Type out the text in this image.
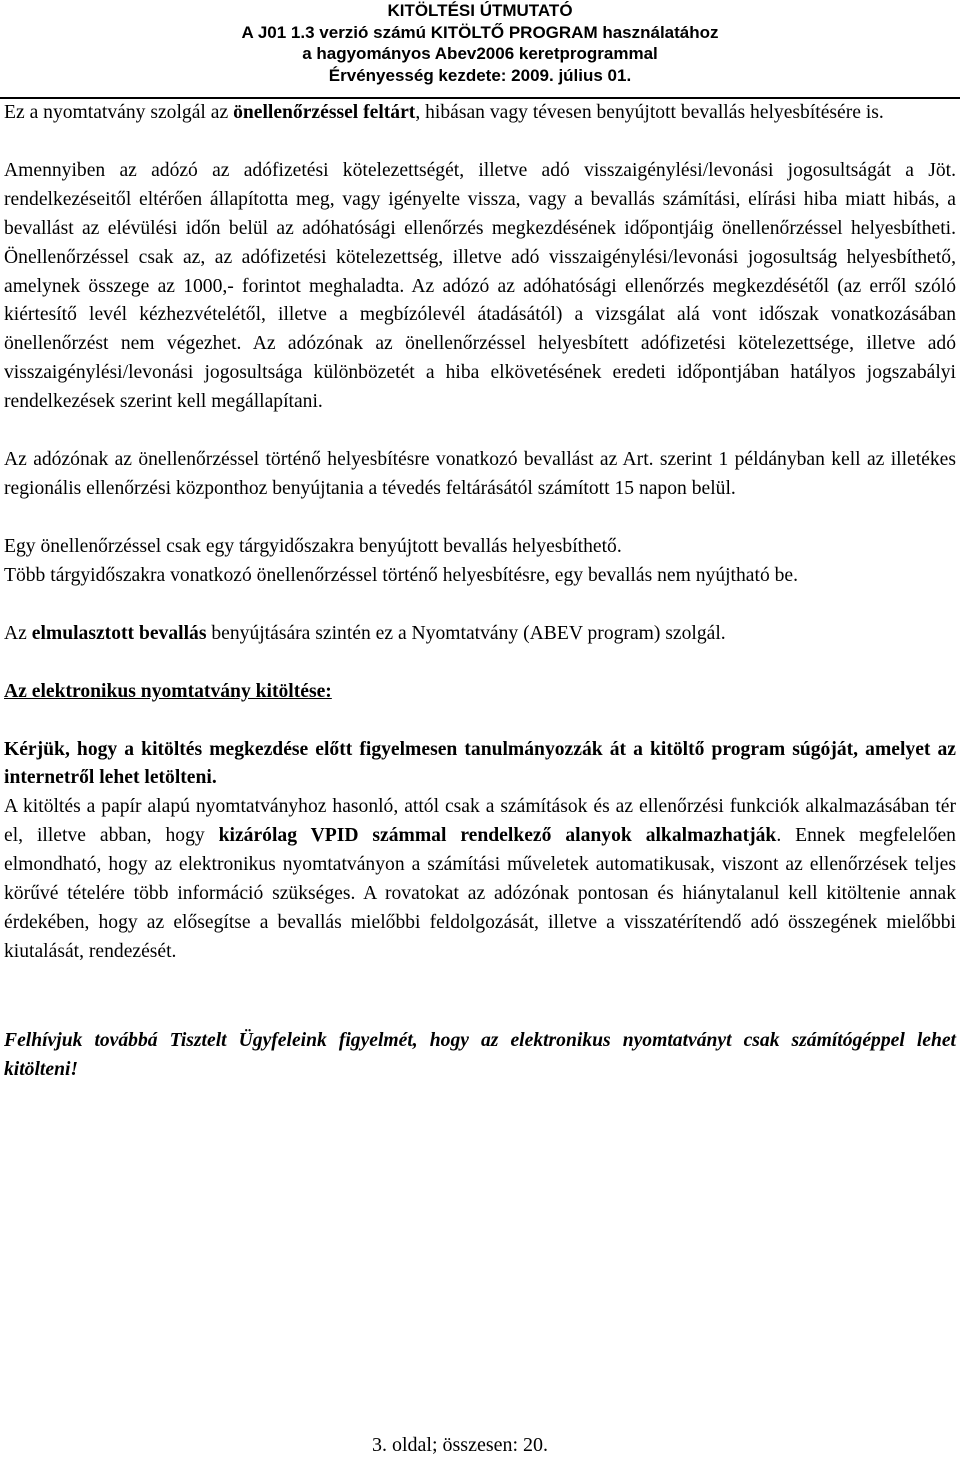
KITÖLTÉSI ÚTMUTATÓ
A J01 1.3 verzió számú KITÖLTŐ PROGRAM használatához
a hagyományos Abev2006 keretprogrammal
Érvényesség kezdete: 2009. július 01.

Ez a nyomtatvány szolgál az önellenőrzéssel feltárt, hibásan vagy tévesen benyújtott bevallás helyesbítésére is.

Amennyiben az adózó az adófizetési kötelezettségét, illetve adó visszaigénylési/levonási jogosultságát a Jöt. rendelkezéseitől eltérően állapította meg, vagy igényelte vissza, vagy a bevallás számítási, elírási hiba miatt hibás, a bevallást az elévülési időn belül az adóhatósági ellenőrzés megkezdésének időpontjáig önellenőrzéssel helyesbítheti. Önellenőrzéssel csak az, az adófizetési kötelezettség, illetve adó visszaigénylési/levonási jogosultság helyesbíthető, amelynek összege az 1000,- forintot meghaladta. Az adózó az adóhatósági ellenőrzés megkezdésétől (az erről szóló kiértesítő levél kézhezvételétől, illetve a megbízólevél átadásától) a vizsgálat alá vont időszak vonatkozásában önellenőrzést nem végezhet. Az adózónak az önellenőrzéssel helyesbített adófizetési kötelezettsége, illetve adó visszaigénylési/levonási jogosultsága különbözetét a hiba elkövetésének eredeti időpontjában hatályos jogszabályi rendelkezések szerint kell megállapítani.

Az adózónak az önellenőrzéssel történő helyesbítésre vonatkozó bevallást az Art. szerint 1 példányban kell az illetékes regionális ellenőrzési központhoz benyújtania a tévedés feltárásától számított 15 napon belül.

Egy önellenőrzéssel csak egy tárgyidőszakra benyújtott bevallás helyesbíthető.

Több tárgyidőszakra vonatkozó önellenőrzéssel történő helyesbítésre, egy bevallás nem nyújtható be.

Az elmulasztott bevallás benyújtására szintén ez a Nyomtatvány (ABEV program) szolgál.

Az elektronikus nyomtatvány kitöltése:

Kérjük, hogy a kitöltés megkezdése előtt figyelmesen tanulmányozzák át a kitöltő program súgóját, amelyet az internetről lehet letölteni.

A kitöltés a papír alapú nyomtatványhoz hasonló, attól csak a számítások és az ellenőrzési funkciók alkalmazásában tér el, illetve abban, hogy kizárólag VPID számmal rendelkező alanyok alkalmazhatják. Ennek megfelelően elmondható, hogy az elektronikus nyomtatványon a számítási műveletek automatikusak, viszont az ellenőrzések teljes körűvé tételére több információ szükséges. A rovatokat az adózónak pontosan és hiánytalanul kell kitöltenie annak érdekében, hogy az elősegítse a bevallás mielőbbi feldolgozását, illetve a visszatérítendő adó összegének mielőbbi kiutalását, rendezését.

Felhívjuk továbbá Tisztelt Ügyfeleink figyelmét, hogy az elektronikus nyomtatványt csak számítógéppel lehet kitölteni!

3. oldal; összesen: 20.
